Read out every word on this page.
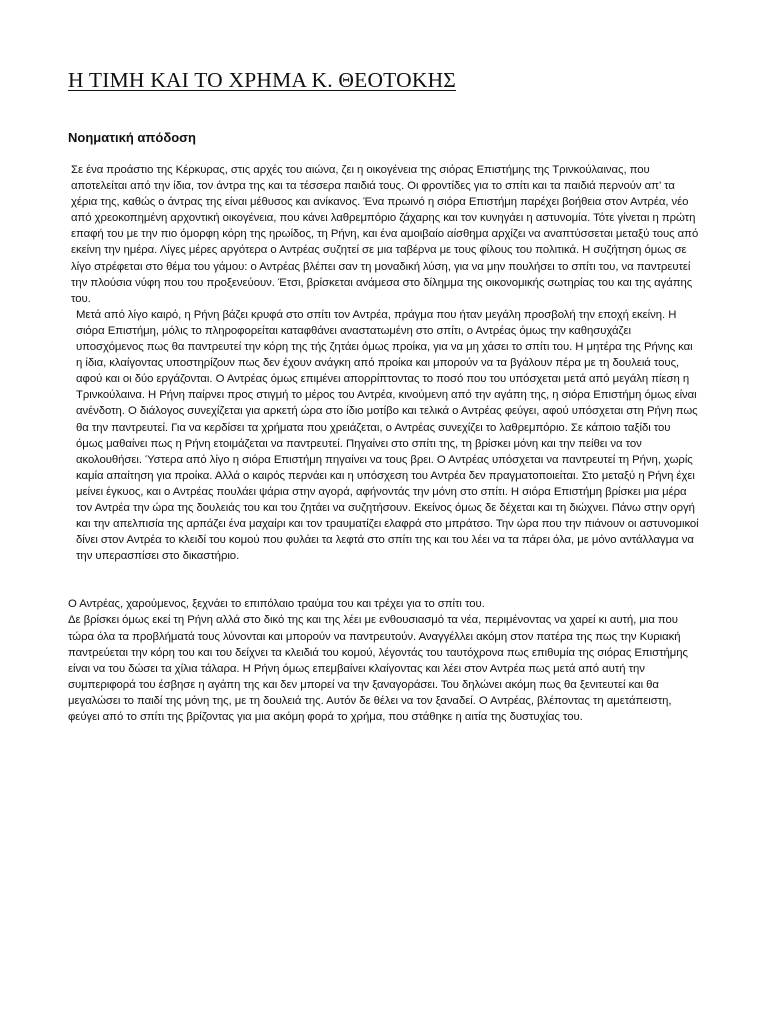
Η ΤΙΜΗ ΚΑΙ ΤΟ ΧΡΗΜΑ Κ. ΘΕΟΤΟΚΗΣ
Νοηματική απόδοση

Σε ένα προάστιο της Κέρκυρας, στις αρχές του αιώνα, ζει η οικογένεια της σιόρας Επιστήμης της Τρινκούλαινας, που αποτελείται από την ίδια, τον άντρα της και τα τέσσερα παιδιά τους. Οι φροντίδες για το σπίτι και τα παιδιά περνούν απ’ τα χέρια της, καθώς ο άντρας της είναι μέθυσος και ανίκανος. Ένα πρωινό η σιόρα Επιστήμη παρέχει βοήθεια στον Αντρέα, νέο από χρεοκοπημένη αρχοντική οικογένεια, που κάνει λαθρεμπόριο ζάχαρης και τον κυνηγάει η αστυνομία. Τότε γίνεται η πρώτη επαφή του με την πιο όμορφη κόρη της ηρωίδος, τη Ρήνη, και ένα αμοιβαίο αίσθημα αρχίζει να αναπτύσσεται μεταξύ τους από εκείνη την ημέρα. Λίγες μέρες αργότερα ο Αντρέας συζητεί σε μια ταβέρνα με τους φίλους του πολιτικά. Η συζήτηση όμως σε λίγο στρέφεται στο θέμα του γάμου: ο Αντρέας βλέπει σαν τη μοναδική λύση, για να μην πουλήσει το σπίτι του, να παντρευτεί την πλούσια νύφη που του προξενεύουν. Έτσι, βρίσκεται ανάμεσα στο δίλημμα της οικονομικής σωτηρίας του και της αγάπης του.

Μετά από λίγο καιρό, η Ρήνη βάζει κρυφά στο σπίτι τον Αντρέα, πράγμα που ήταν μεγάλη προσβολή την εποχή εκείνη. Η σιόρα Επιστήμη, μόλις το πληροφορείται καταφθάνει αναστατωμένη στο σπίτι, ο Αντρέας όμως την καθησυχάζει υποσχόμενος πως θα παντρευτεί την κόρη της τής ζητάει όμως προίκα, για να μη χάσει το σπίτι του. Η μητέρα της Ρήνης και η ίδια, κλαίγοντας υποστηρίζουν πως δεν έχουν ανάγκη από προίκα και μπορούν να τα βγάλουν πέρα με τη δουλειά τους, αφού και οι δύο εργάζονται. Ο Αντρέας όμως επιμένει απορρίπτοντας το ποσό που του υπόσχεται μετά από μεγάλη πίεση η Τρινκούλαινα. Η Ρήνη παίρνει προς στιγμή το μέρος του Αντρέα, κινούμενη από την αγάπη της, η σιόρα Επιστήμη όμως είναι ανένδοτη. Ο διάλογος συνεχίζεται για αρκετή ώρα στο ίδιο μοτίβο και τελικά ο Αντρέας φεύγει, αφού υπόσχεται στη Ρήνη πως θα την παντρευτεί. Για να κερδίσει τα χρήματα που χρειάζεται, ο Αντρέας συνεχίζει το λαθρεμπόριο. Σε κάποιο ταξίδι του όμως μαθαίνει πως η Ρήνη ετοιμάζεται να παντρευτεί. Πηγαίνει στο σπίτι της, τη βρίσκει μόνη και την πείθει να τον ακολουθήσει. Ύστερα από λίγο η σιόρα Επιστήμη πηγαίνει να τους βρει. Ο Αντρέας υπόσχεται να παντρευτεί τη Ρήνη, χωρίς καμία απαίτηση για προίκα. Αλλά ο καιρός περνάει και η υπόσχεση του Αντρέα δεν πραγματοποιείται. Στο μεταξύ η Ρήνη έχει μείνει έγκυος, και ο Αντρέας πουλάει ψάρια στην αγορά, αφήνοντάς την μόνη στο σπίτι. Η σιόρα Επιστήμη βρίσκει μια μέρα τον Αντρέα την ώρα της δουλειάς του και του ζητάει να συζητήσουν. Εκείνος όμως δε δέχεται και τη διώχνει. Πάνω στην οργή και την απελπισία της αρπάζει ένα μαχαίρι και τον τραυματίζει ελαφρά στο μπράτσο. Την ώρα που την πιάνουν οι αστυνομικοί δίνει στον Αντρέα το κλειδί του κομού που φυλάει τα λεφτά στο σπίτι της και του λέει να τα πάρει όλα, με μόνο αντάλλαγμα να την υπερασπίσει στο δικαστήριο.

Ο Αντρέας, χαρούμενος, ξεχνάει το επιπόλαιο τραύμα του και τρέχει για το σπίτι του.

Δε βρίσκει όμως εκεί τη Ρήνη αλλά στο δικό της και της λέει με ενθουσιασμό τα νέα, περιμένοντας να χαρεί κι αυτή, μια που τώρα όλα τα προβλήματά τους λύνονται και μπορούν να παντρευτούν. Αναγγέλλει ακόμη στον πατέρα της πως την Κυριακή παντρεύεται την κόρη του και του δείχνει τα κλειδιά του κομού, λέγοντάς του ταυτόχρονα πως επιθυμία της σιόρας Επιστήμης είναι να του δώσει τα χίλια τάλαρα. Η Ρήνη όμως επεμβαίνει κλαίγοντας και λέει στον Αντρέα πως μετά από αυτή την συμπεριφορά του έσβησε η αγάπη της και δεν μπορεί να την ξαναγοράσει. Του δηλώνει ακόμη πως θα ξενιτευτεί και θα μεγαλώσει το παιδί της μόνη της, με τη δουλειά της. Αυτόν δε θέλει να τον ξαναδεί. Ο Αντρέας, βλέποντας τη αμετάπειστη, φεύγει από το σπίτι της βρίζοντας για μια ακόμη φορά το χρήμα, που στάθηκε η αιτία της δυστυχίας του.
